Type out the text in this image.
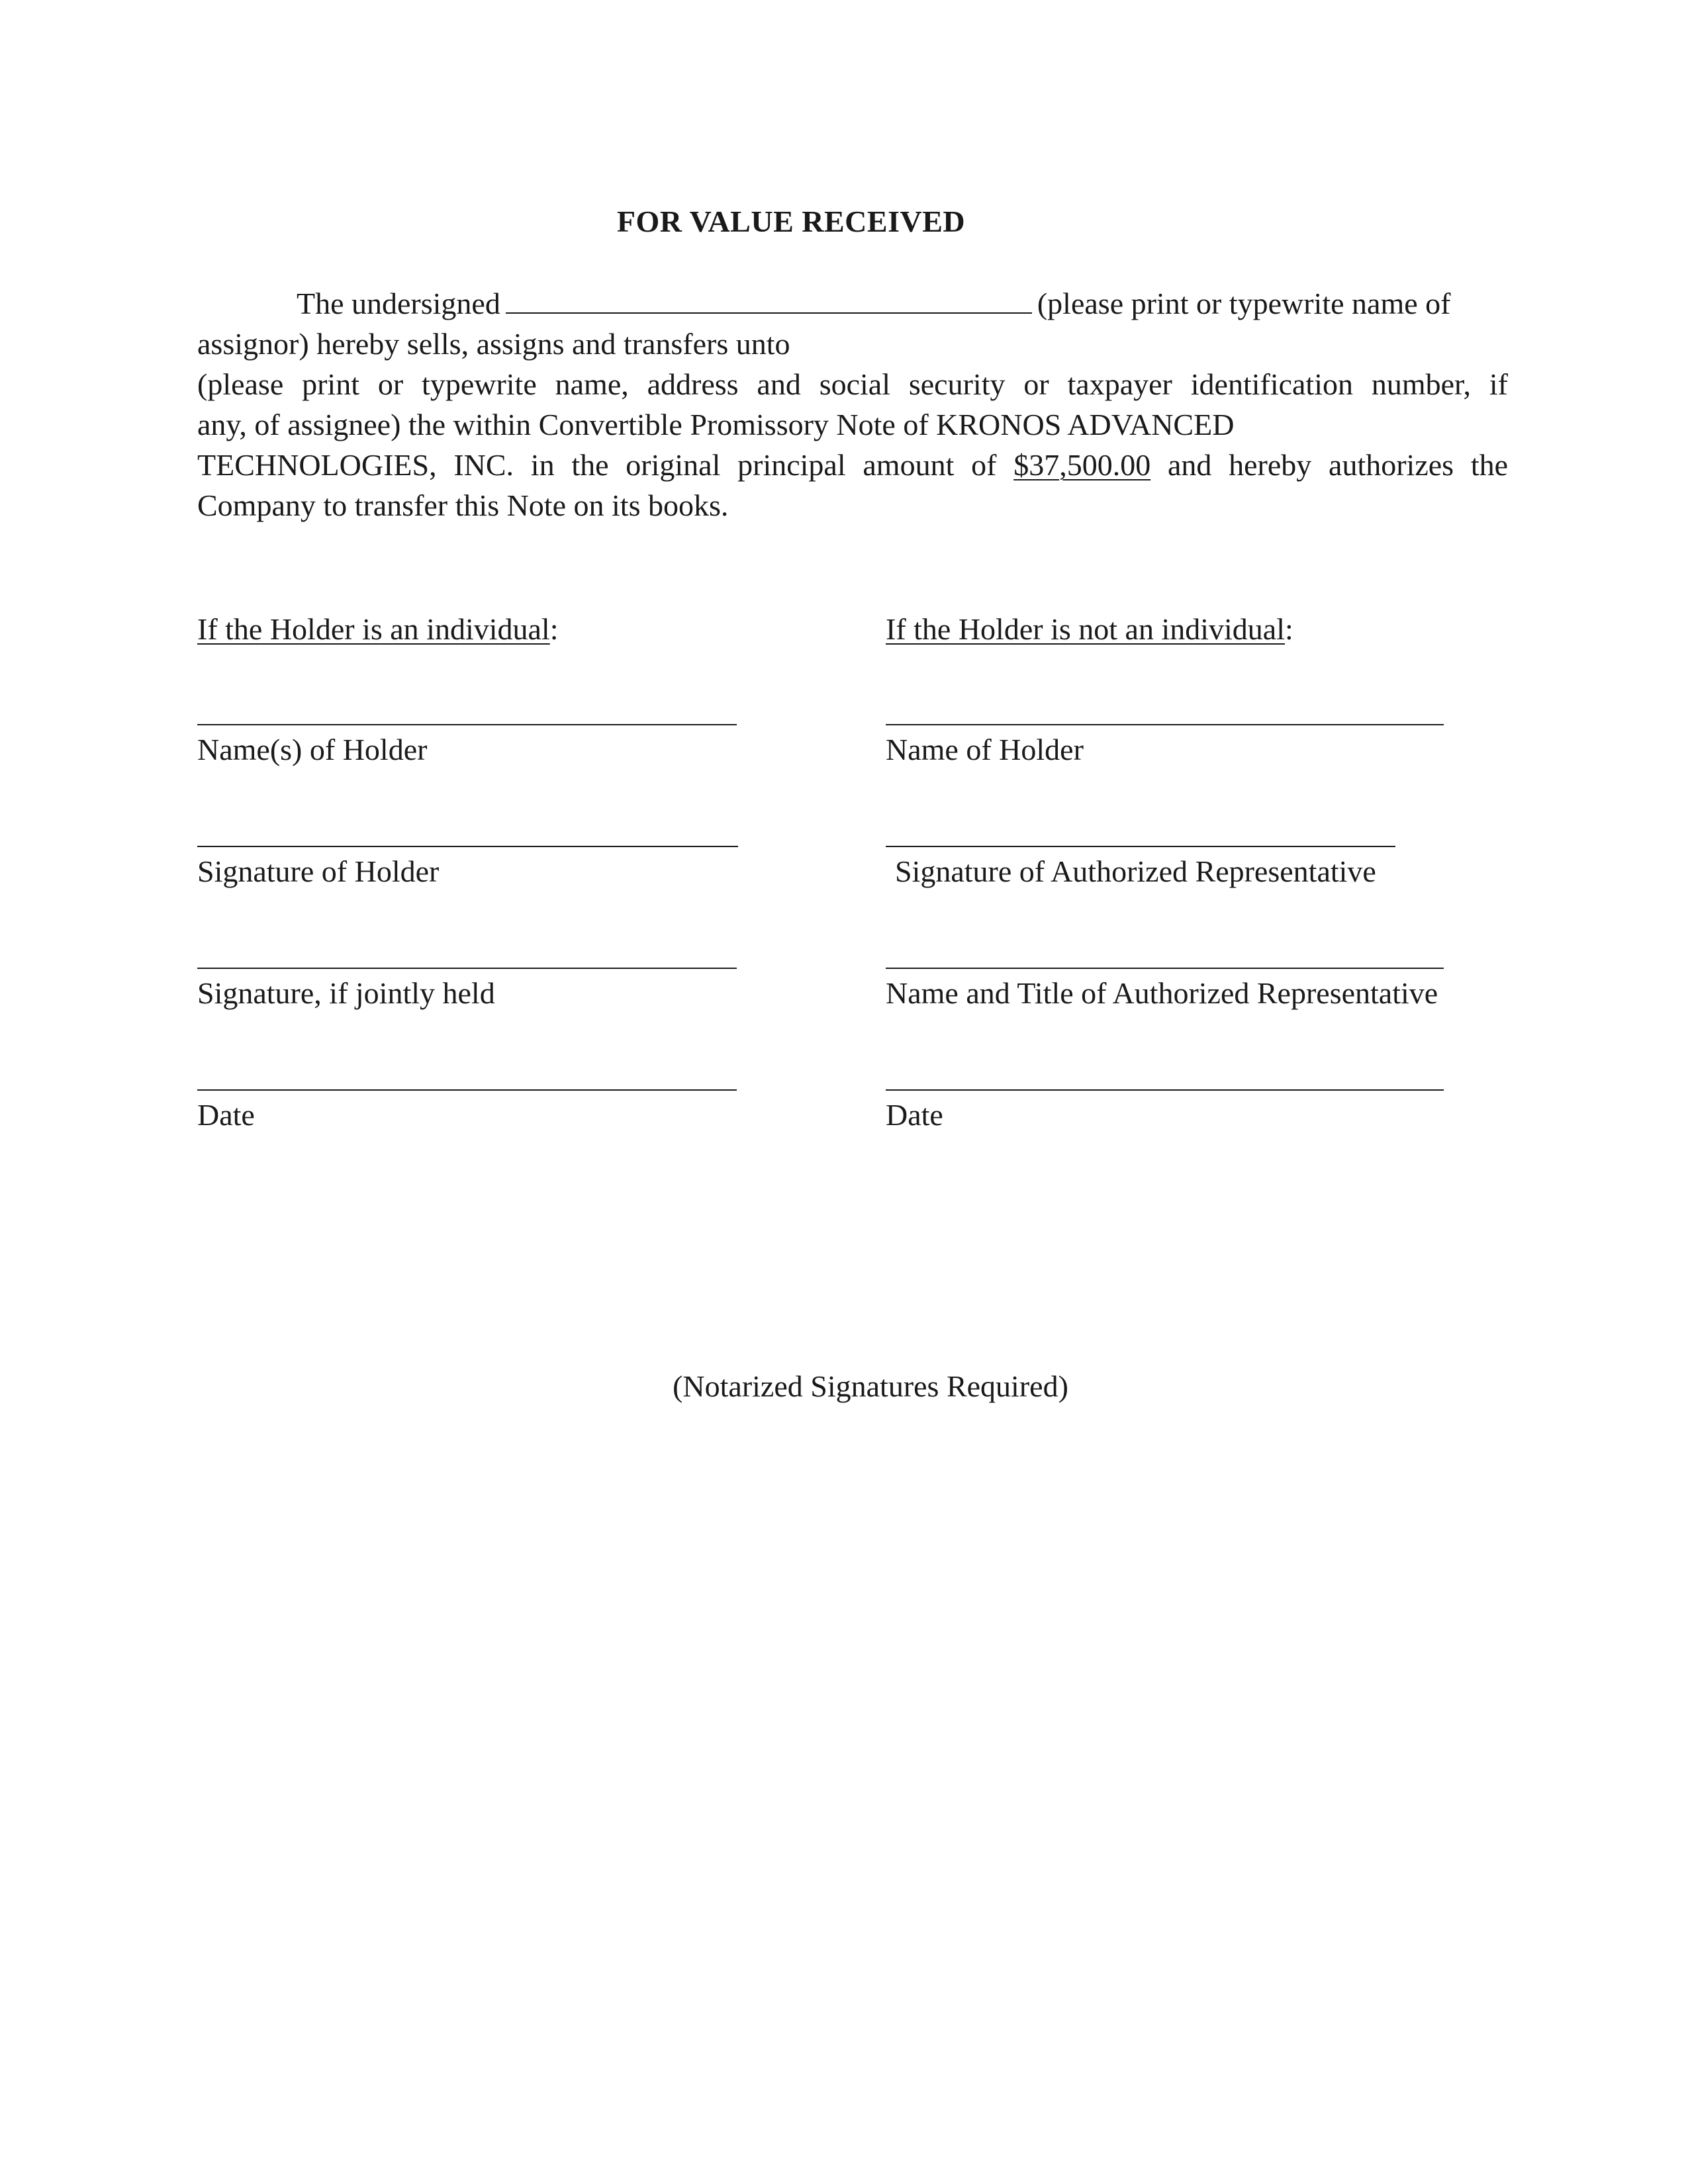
FOR VALUE RECEIVED
The undersigned	(please print or typewrite name of
assignor) hereby sells, assigns and transfers unto
(please print or typewrite name, address and social security or taxpayer identification number, if
any, of assignee) the within Convertible Promissory Note of KRONOS ADVANCED
TECHNOLOGIES, INC. in the original principal amount of $37,500.00 and hereby authorizes the
Company to transfer this Note on its books.
If the Holder is an individual:
Name(s) of Holder
Signature of Holder
Signature, if jointly held
Date
If the Holder is not an individual:
Name of Holder
Signature of Authorized Representative
Name and Title of Authorized Representative
Date
(Notarized Signatures Required)
